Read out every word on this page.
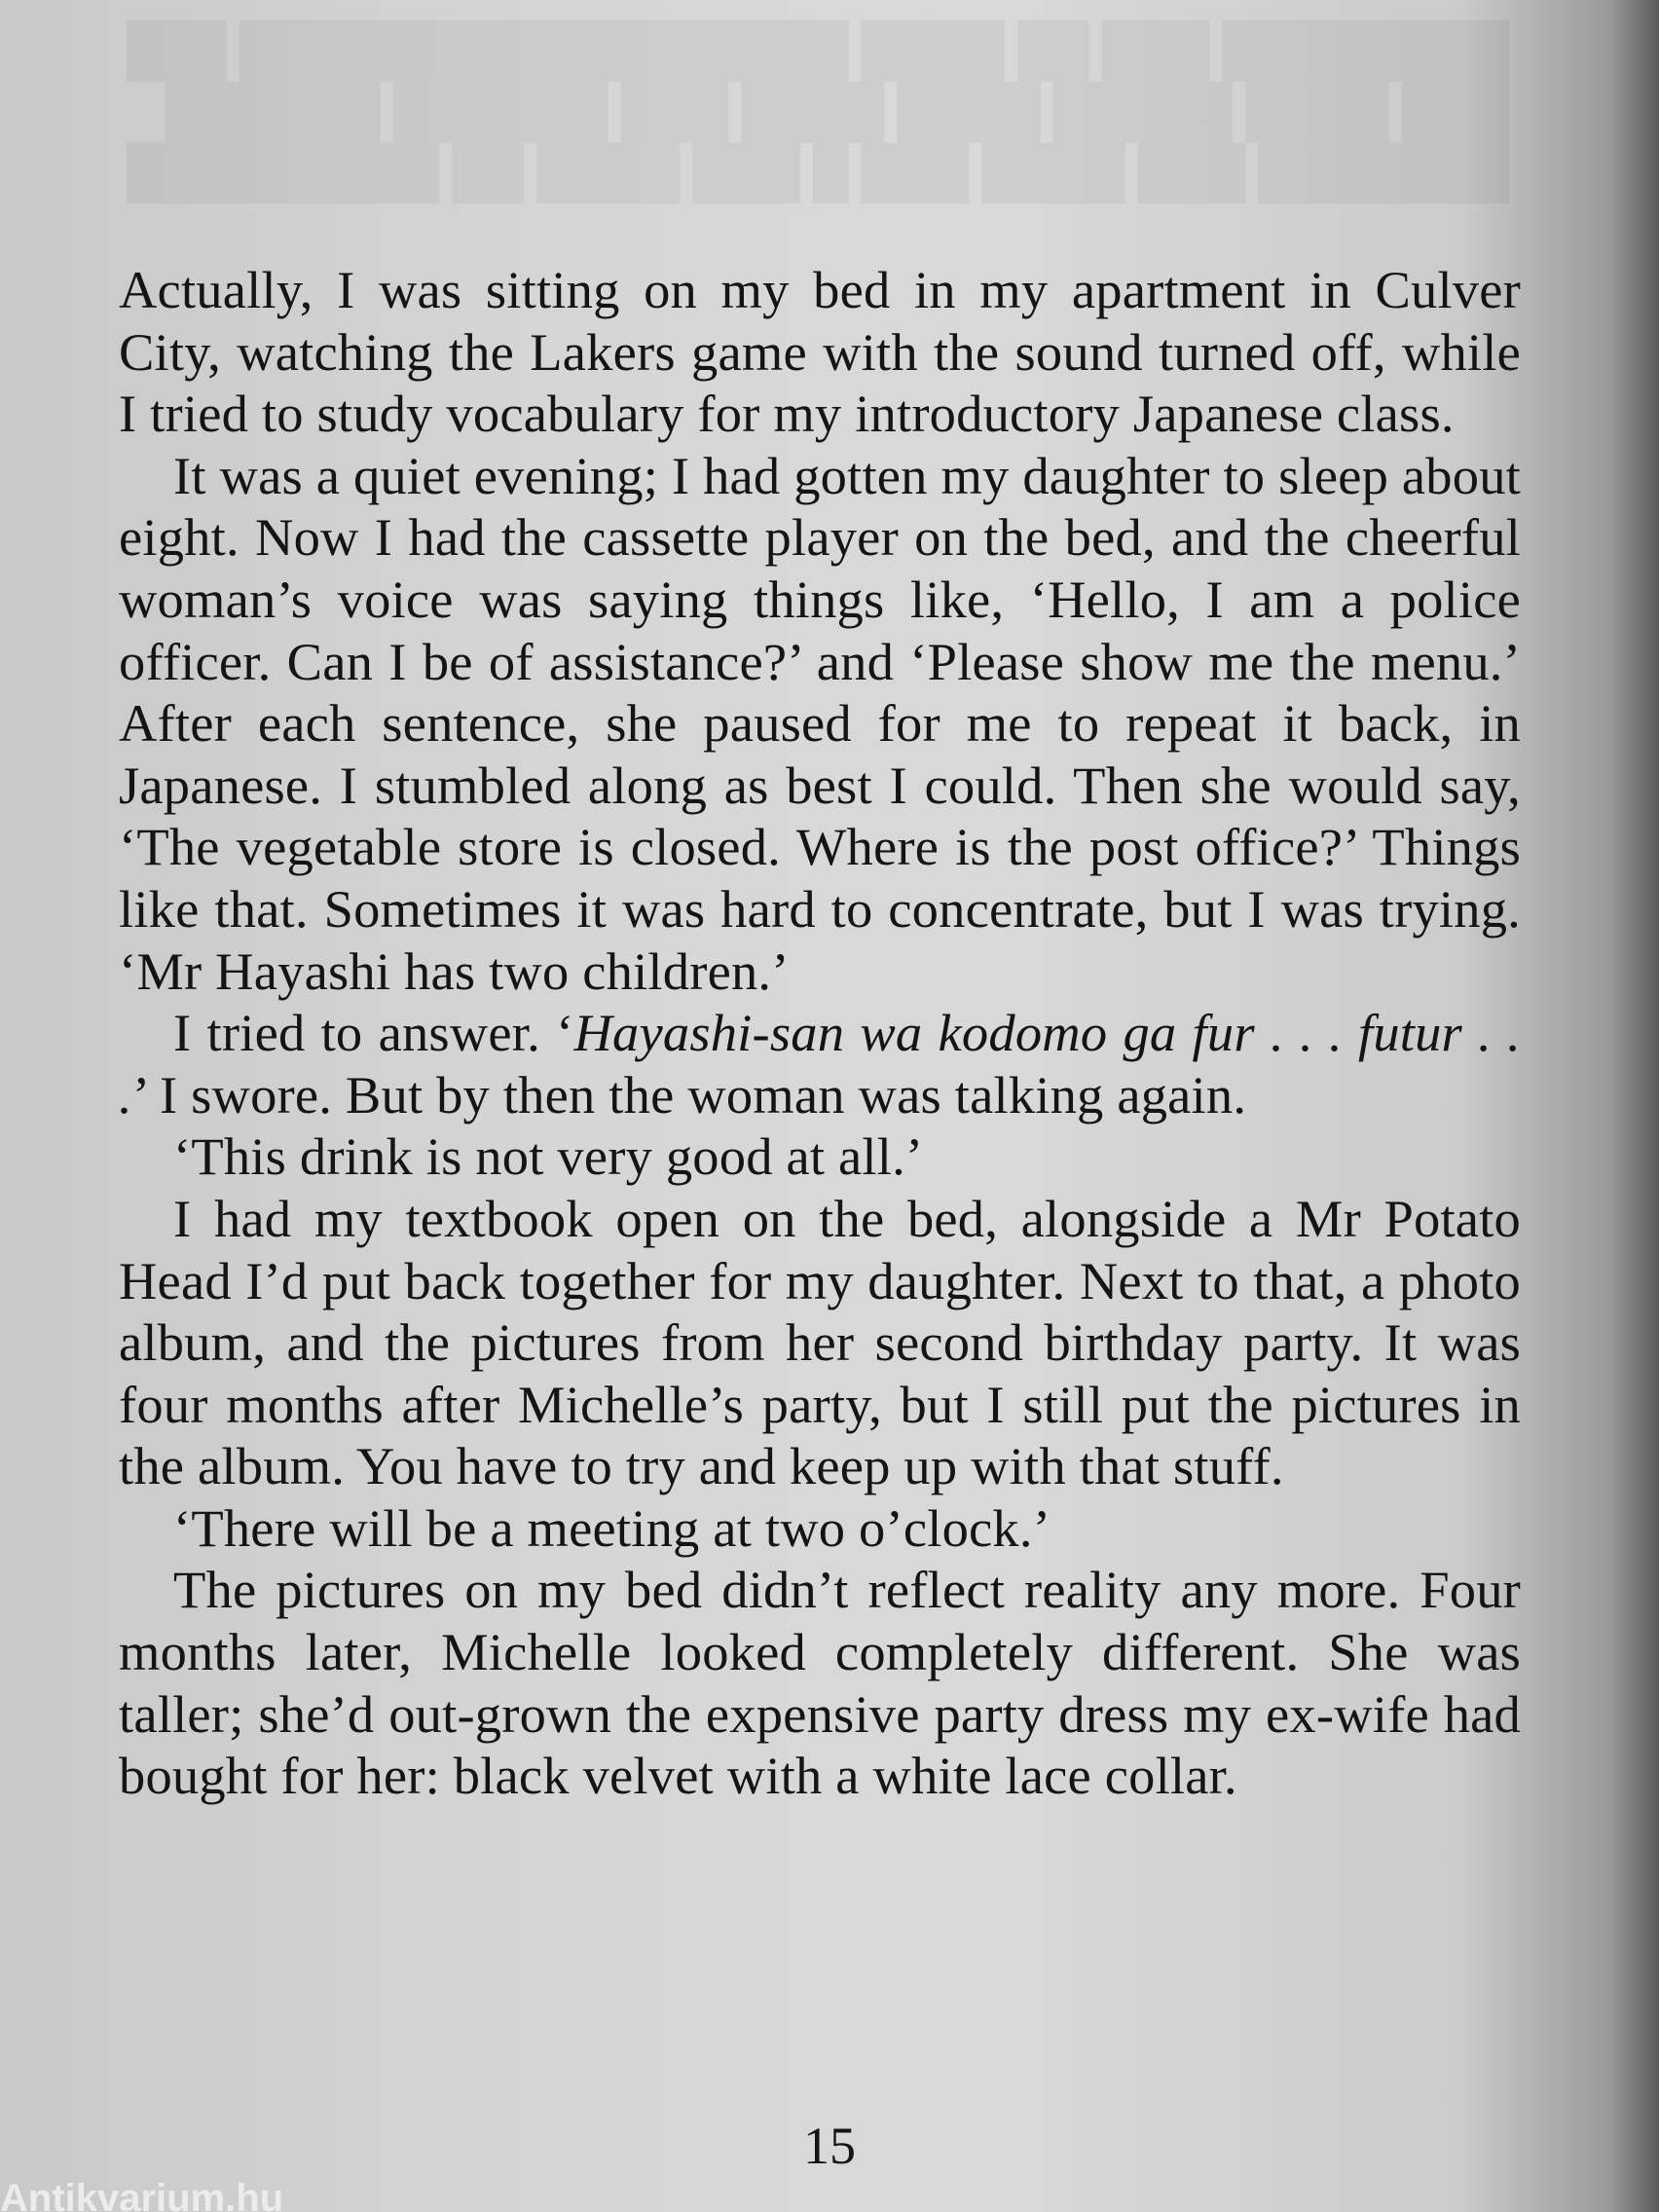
Actually, I was sitting on my bed in my apartment in Culver City, watching the Lakers game with the sound turned off, while I tried to study vocabulary for my introductory Japanese class.

It was a quiet evening; I had gotten my daughter to sleep about eight. Now I had the cassette player on the bed, and the cheerful woman’s voice was saying things like, ‘Hello, I am a police officer. Can I be of assistance?’ and ‘Please show me the menu.’ After each sentence, she paused for me to repeat it back, in Japanese. I stumbled along as best I could. Then she would say, ‘The vegetable store is closed. Where is the post office?’ Things like that. Sometimes it was hard to concentrate, but I was trying. ‘Mr Hayashi has two children.’

I tried to answer. ‘Hayashi-san wa kodomo ga fur . . . futur . . .’ I swore. But by then the woman was talking again.

‘This drink is not very good at all.’

I had my textbook open on the bed, alongside a Mr Potato Head I’d put back together for my daughter. Next to that, a photo album, and the pictures from her second birthday party. It was four months after Michelle’s party, but I still put the pictures in the album. You have to try and keep up with that stuff.

‘There will be a meeting at two o’clock.’

The pictures on my bed didn’t reflect reality any more. Four months later, Michelle looked completely different. She was taller; she’d out-grown the expensive party dress my ex-wife had bought for her: black velvet with a white lace collar.

15
Antikvarium.hu
